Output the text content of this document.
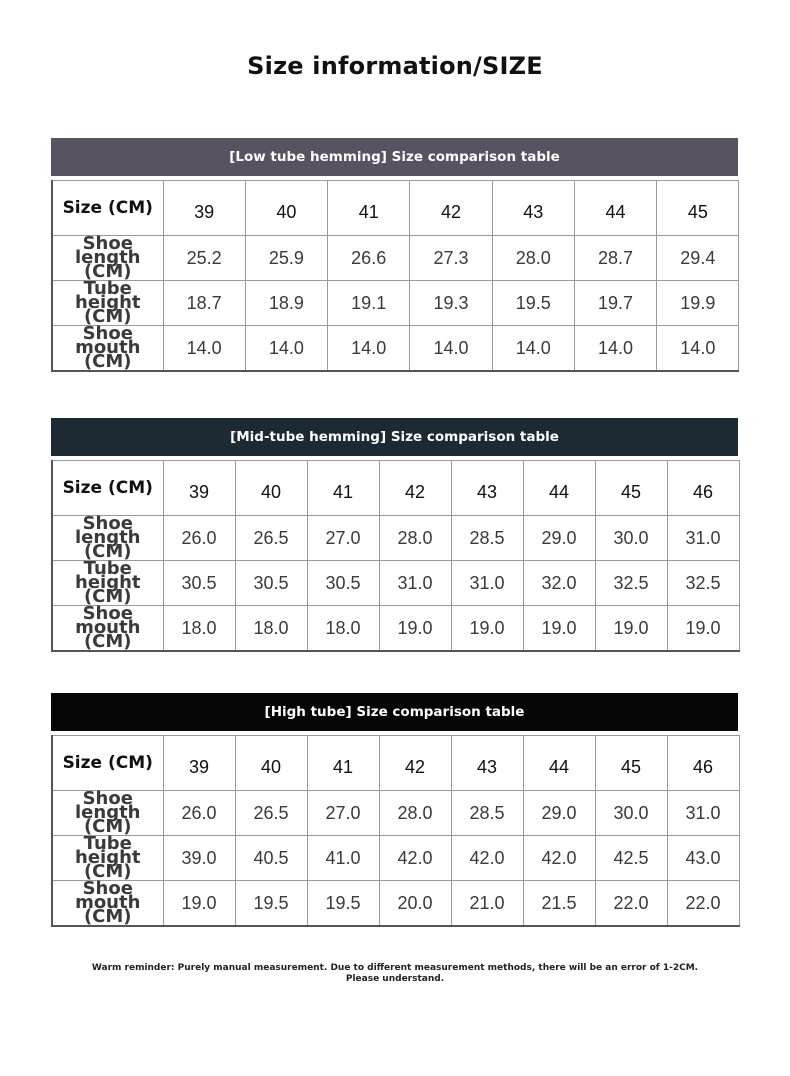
Size information/SIZE
[Low tube hemming] Size comparison table
Size (CM)	39	40	41	42	43	44	45
Shoe length (CM)	25.2	25.9	26.6	27.3	28.0	28.7	29.4
Tube height (CM)	18.7	18.9	19.1	19.3	19.5	19.7	19.9
Shoe mouth (CM)	14.0	14.0	14.0	14.0	14.0	14.0	14.0
[Mid-tube hemming] Size comparison table
Size (CM)	39	40	41	42	43	44	45	46
Shoe length (CM)	26.0	26.5	27.0	28.0	28.5	29.0	30.0	31.0
Tube height (CM)	30.5	30.5	30.5	31.0	31.0	32.0	32.5	32.5
Shoe mouth (CM)	18.0	18.0	18.0	19.0	19.0	19.0	19.0	19.0
[High tube] Size comparison table
Size (CM)	39	40	41	42	43	44	45	46
Shoe length (CM)	26.0	26.5	27.0	28.0	28.5	29.0	30.0	31.0
Tube height (CM)	39.0	40.5	41.0	42.0	42.0	42.0	42.5	43.0
Shoe mouth (CM)	19.0	19.5	19.5	20.0	21.0	21.5	22.0	22.0
Warm reminder: Purely manual measurement. Due to different measurement methods, there will be an error of 1-2CM. Please understand.
